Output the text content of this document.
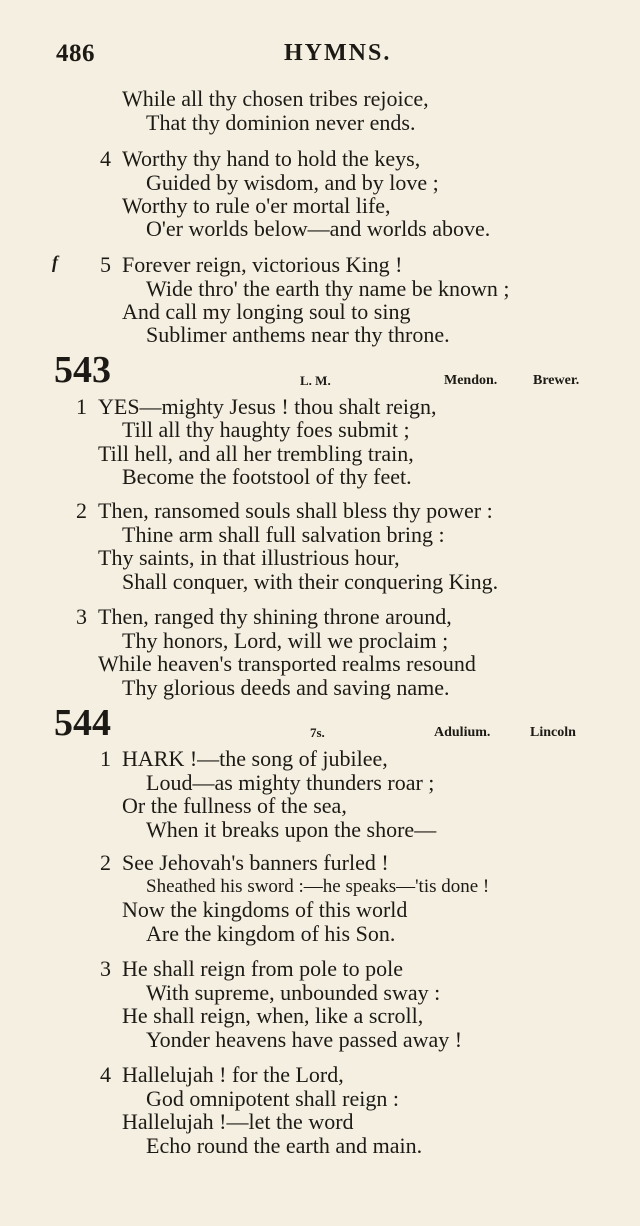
486	HYMNS.
While all thy chosen tribes rejoice,
That thy dominion never ends.
4 Worthy thy hand to hold the keys,
Guided by wisdom, and by love ;
Worthy to rule o'er mortal life,
O'er worlds below—and worlds above.
f 5 Forever reign, victorious King !
Wide thro' the earth thy name be known ;
And call my longing soul to sing
Sublimer anthems near thy throne.
543	L. M.	Mendon.	Brewer.
1 YES—mighty Jesus ! thou shalt reign,
Till all thy haughty foes submit ;
Till hell, and all her trembling train,
Become the footstool of thy feet.
2 Then, ransomed souls shall bless thy power :
Thine arm shall full salvation bring :
Thy saints, in that illustrious hour,
Shall conquer, with their conquering King.
3 Then, ranged thy shining throne around,
Thy honors, Lord, will we proclaim ;
While heaven's transported realms resound
Thy glorious deeds and saving name.
544	7s.	Adulium.	Lincoln
1 HARK !—the song of jubilee,
Loud—as mighty thunders roar ;
Or the fullness of the sea,
When it breaks upon the shore—
2 See Jehovah's banners furled !
Sheathed his sword :—he speaks—'tis done !
Now the kingdoms of this world
Are the kingdom of his Son.
3 He shall reign from pole to pole
With supreme, unbounded sway :
He shall reign, when, like a scroll,
Yonder heavens have passed away !
4 Hallelujah ! for the Lord,
God omnipotent shall reign :
Hallelujah !—let the word
Echo round the earth and main.
